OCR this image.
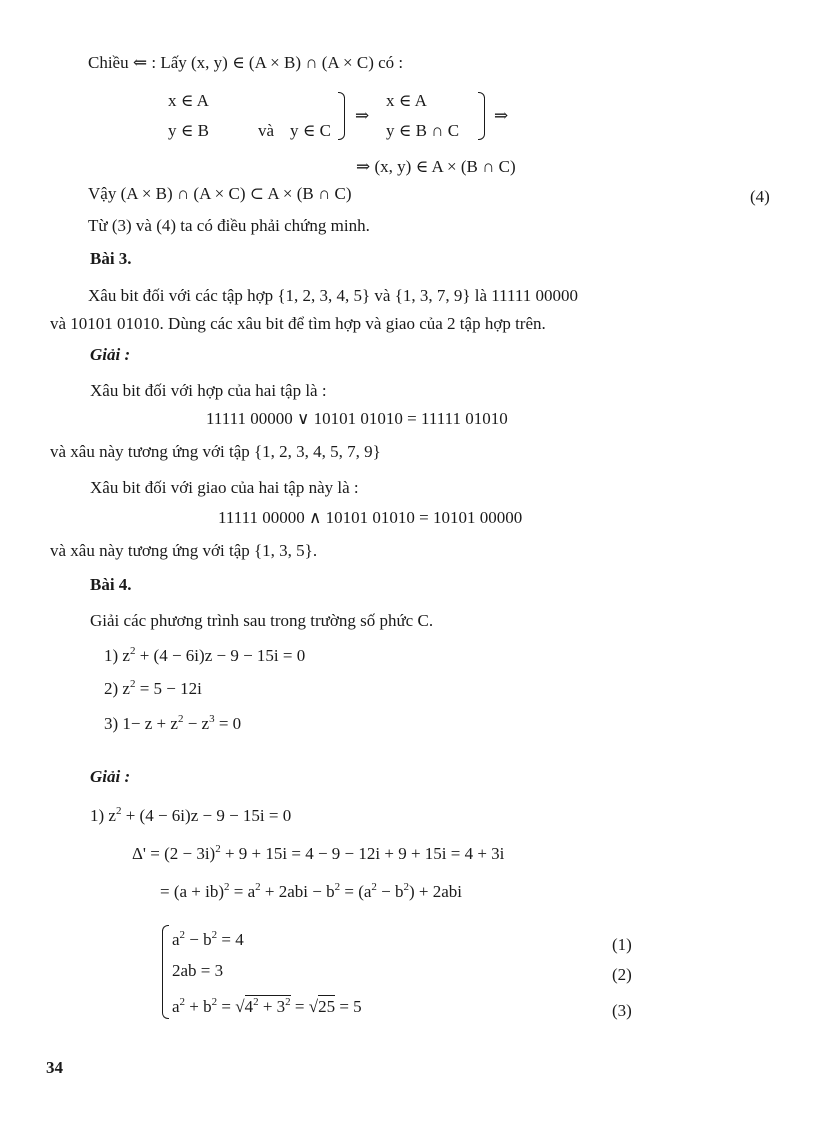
Chiều ⇐ : Lấy (x, y) ∈ (A × B) ∩ (A × C) có :
x ∈ A
y ∈ B	và y ∈ C
⇒
x ∈ A
y ∈ B ∩ C
⇒
⇒ (x, y) ∈ A × (B ∩ C)
Vậy (A × B) ∩ (A × C) ⊂ A × (B ∩ C)	(4)
Từ (3) và (4) ta có điều phải chứng minh.
Bài 3.
Xâu bit đối với các tập hợp {1, 2, 3, 4, 5} và {1, 3, 7, 9} là 11111 00000
và 10101 01010. Dùng các xâu bit để tìm hợp và giao của 2 tập hợp trên.
Giải :
Xâu bit đối với hợp của hai tập là :
11111 00000 ∨ 10101 01010 = 11111 01010
và xâu này tương ứng với tập {1, 2, 3, 4, 5, 7, 9}
Xâu bit đối với giao của hai tập này là :
11111 00000 ∧ 10101 01010 = 10101 00000
và xâu này tương ứng với tập {1, 3, 5}.
Bài 4.
Giải các phương trình sau trong trường số phức C.
1) $z^2 + (4 - 6i)z - 9 - 15i = 0$
2) $z^2 = 5 - 12i$
3) $1- z + z^2 - z^3 = 0$
Giải :
1) $z^2 + (4 - 6i)z - 9 - 15i = 0$
$\Delta' = (2 - 3i)^2 + 9 + 15i = 4 - 9 - 12i + 9 + 15i = 4 + 3i$
= $(a + ib)^2 = a^2 + 2abi - b^2 = (a^2 - b^2) + 2abi$
$a^2 - b^2 = 4$
2ab = 3
$a^2 + b^2 = √4^2 + 3^2 = √25 = 5$
(1)
(2)
(3)
34
